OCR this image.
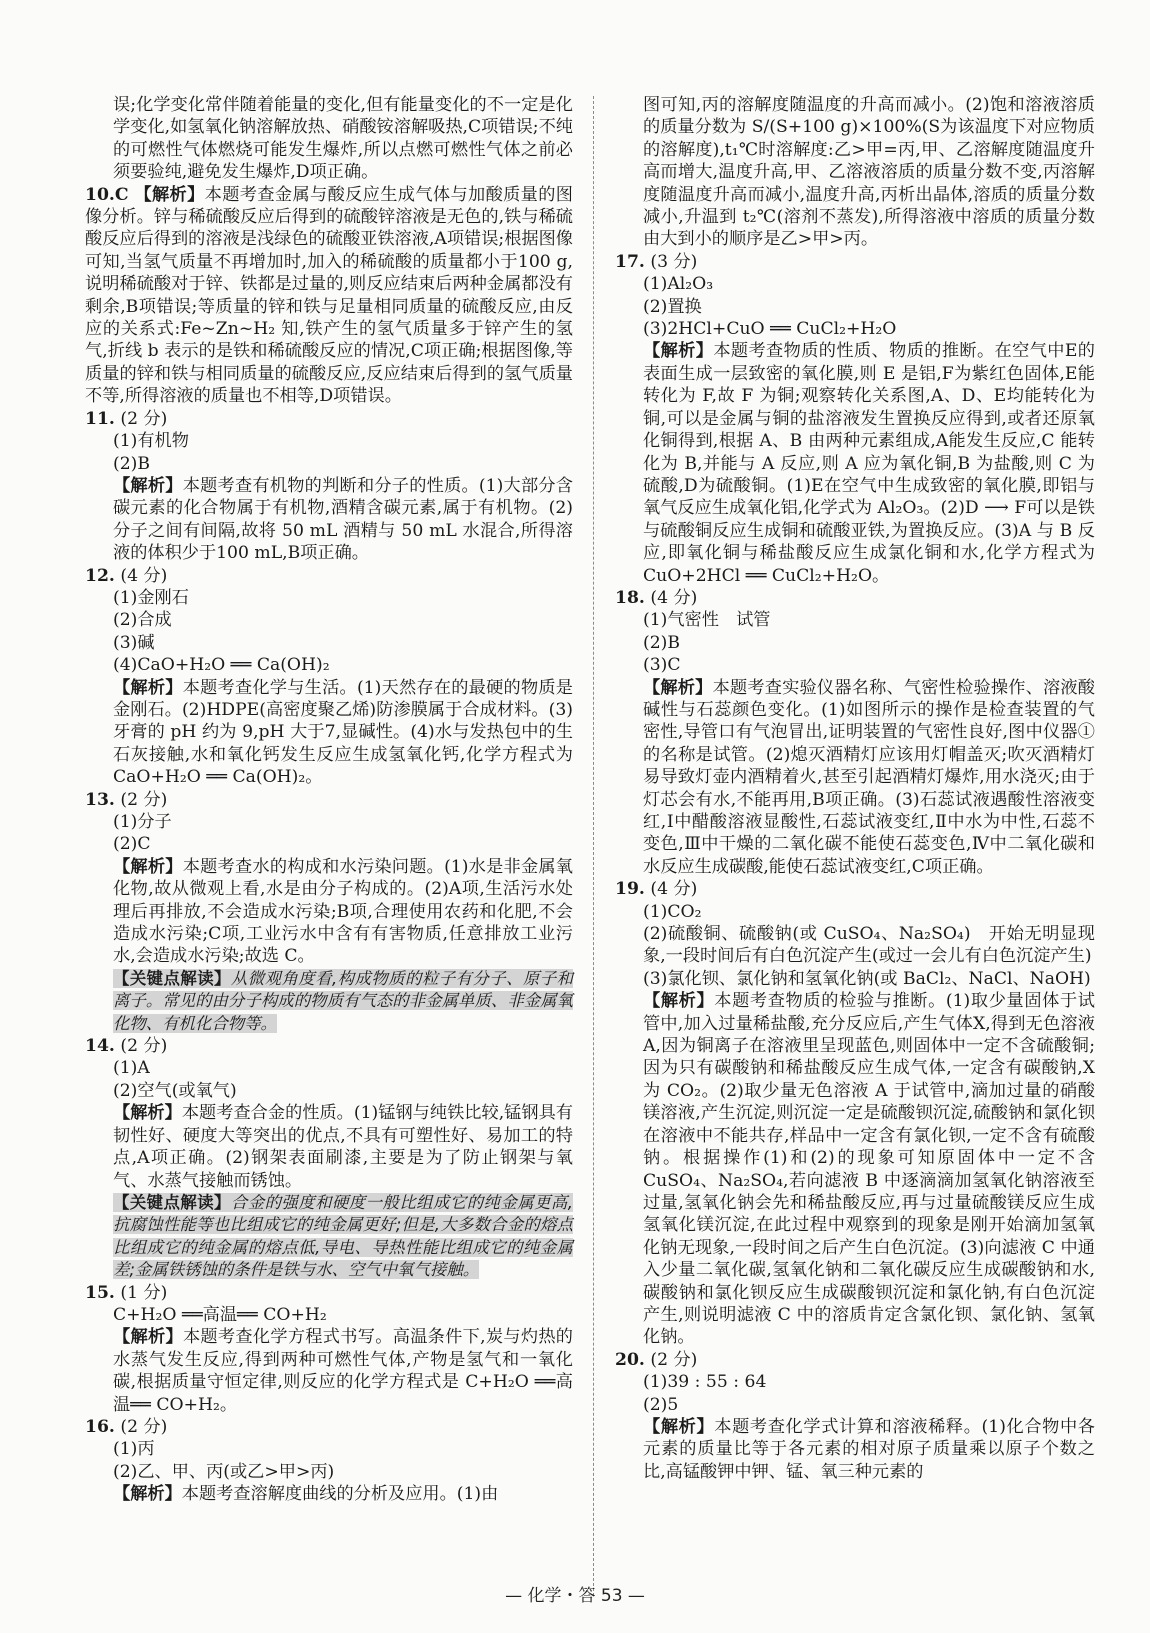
误;化学变化常伴随着能量的变化,但有能量变化的不一定是化学变化,如氢氧化钠溶解放热、硝酸铵溶解吸热,C项错误;不纯的可燃性气体燃烧可能发生爆炸,所以点燃可燃性气体之前必须要验纯,避免发生爆炸,D项正确。

10.C 【解析】本题考查金属与酸反应生成气体与加酸质量的图像分析。锌与稀硫酸反应后得到的硫酸锌溶液是无色的,铁与稀硫酸反应后得到的溶液是浅绿色的硫酸亚铁溶液,A项错误;根据图像可知,当氢气质量不再增加时,加入的稀硫酸的质量都小于100 g,说明稀硫酸对于锌、铁都是过量的,则反应结束后两种金属都没有剩余,B项错误;等质量的锌和铁与足量相同质量的硫酸反应,由反应的关系式:Fe~Zn~H₂ 知,铁产生的氢气质量多于锌产生的氢气,折线 b 表示的是铁和稀硫酸反应的情况,C项正确;根据图像,等质量的锌和铁与相同质量的硫酸反应,反应结束后得到的氢气质量不等,所得溶液的质量也不相等,D项错误。

11. (2 分)

(1)有机物

(2)B

【解析】本题考查有机物的判断和分子的性质。(1)大部分含碳元素的化合物属于有机物,酒精含碳元素,属于有机物。(2)分子之间有间隔,故将 50 mL 酒精与 50 mL 水混合,所得溶液的体积少于100 mL,B项正确。

12. (4 分)

(1)金刚石

(2)合成

(3)碱

(4)CaO+H₂O ══ Ca(OH)₂

【解析】本题考查化学与生活。(1)天然存在的最硬的物质是金刚石。(2)HDPE(高密度聚乙烯)防渗膜属于合成材料。(3)牙膏的 pH 约为 9,pH 大于7,显碱性。(4)水与发热包中的生石灰接触,水和氧化钙发生反应生成氢氧化钙,化学方程式为 CaO+H₂O ══ Ca(OH)₂。

13. (2 分)

(1)分子

(2)C

【解析】本题考查水的构成和水污染问题。(1)水是非金属氧化物,故从微观上看,水是由分子构成的。(2)A项,生活污水处理后再排放,不会造成水污染;B项,合理使用农药和化肥,不会造成水污染;C项,工业污水中含有有害物质,任意排放工业污水,会造成水污染;故选 C。

【关键点解读】从微观角度看,构成物质的粒子有分子、原子和离子。常见的由分子构成的物质有气态的非金属单质、非金属氧化物、有机化合物等。

14. (2 分)

(1)A

(2)空气(或氧气)

【解析】本题考查合金的性质。(1)锰钢与纯铁比较,锰钢具有韧性好、硬度大等突出的优点,不具有可塑性好、易加工的特点,A项正确。(2)钢架表面刷漆,主要是为了防止钢架与氧气、水蒸气接触而锈蚀。

【关键点解读】合金的强度和硬度一般比组成它的纯金属更高,抗腐蚀性能等也比组成它的纯金属更好;但是,大多数合金的熔点比组成它的纯金属的熔点低,导电、导热性能比组成它的纯金属差;金属铁锈蚀的条件是铁与水、空气中氧气接触。

15. (1 分)

C+H₂O ══高温══ CO+H₂

【解析】本题考查化学方程式书写。高温条件下,炭与灼热的水蒸气发生反应,得到两种可燃性气体,产物是氢气和一氧化碳,根据质量守恒定律,则反应的化学方程式是 C+H₂O ══高温══ CO+H₂。

16. (2 分)

(1)丙

(2)乙、甲、丙(或乙>甲>丙)

【解析】本题考查溶解度曲线的分析及应用。(1)由

图可知,丙的溶解度随温度的升高而减小。(2)饱和溶液溶质的质量分数为 S/(S+100 g)×100%(S为该温度下对应物质的溶解度),t₁℃时溶解度:乙>甲=丙,甲、乙溶解度随温度升高而增大,温度升高,甲、乙溶液溶质的质量分数不变,丙溶解度随温度升高而减小,温度升高,丙析出晶体,溶质的质量分数减小,升温到 t₂℃(溶剂不蒸发),所得溶液中溶质的质量分数由大到小的顺序是乙>甲>丙。

17. (3 分)

(1)Al₂O₃

(2)置换

(3)2HCl+CuO ══ CuCl₂+H₂O

【解析】本题考查物质的性质、物质的推断。在空气中E的表面生成一层致密的氧化膜,则 E 是铝,F为紫红色固体,E能转化为 F,故 F 为铜;观察转化关系图,A、D、E均能转化为铜,可以是金属与铜的盐溶液发生置换反应得到,或者还原氧化铜得到,根据 A、B 由两种元素组成,A能发生反应,C 能转化为 B,并能与 A 反应,则 A 应为氧化铜,B 为盐酸,则 C 为硫酸,D为硫酸铜。(1)E在空气中生成致密的氧化膜,即铝与氧气反应生成氧化铝,化学式为 Al₂O₃。(2)D ⟶ F可以是铁与硫酸铜反应生成铜和硫酸亚铁,为置换反应。(3)A 与 B 反应,即氧化铜与稀盐酸反应生成氯化铜和水,化学方程式为 CuO+2HCl ══ CuCl₂+H₂O。

18. (4 分)

(1)气密性　试管

(2)B

(3)C

【解析】本题考查实验仪器名称、气密性检验操作、溶液酸碱性与石蕊颜色变化。(1)如图所示的操作是检查装置的气密性,导管口有气泡冒出,证明装置的气密性良好,图中仪器①的名称是试管。(2)熄灭酒精灯应该用灯帽盖灭;吹灭酒精灯易导致灯壶内酒精着火,甚至引起酒精灯爆炸,用水浇灭;由于灯芯会有水,不能再用,B项正确。(3)石蕊试液遇酸性溶液变红,Ⅰ中醋酸溶液显酸性,石蕊试液变红,Ⅱ中水为中性,石蕊不变色,Ⅲ中干燥的二氧化碳不能使石蕊变色,Ⅳ中二氧化碳和水反应生成碳酸,能使石蕊试液变红,C项正确。

19. (4 分)

(1)CO₂

(2)硫酸铜、硫酸钠(或 CuSO₄、Na₂SO₄)　开始无明显现象,一段时间后有白色沉淀产生(或过一会儿有白色沉淀产生)

(3)氯化钡、氯化钠和氢氧化钠(或 BaCl₂、NaCl、NaOH)

【解析】本题考查物质的检验与推断。(1)取少量固体于试管中,加入过量稀盐酸,充分反应后,产生气体X,得到无色溶液A,因为铜离子在溶液里呈现蓝色,则固体中一定不含硫酸铜;因为只有碳酸钠和稀盐酸反应生成气体,一定含有碳酸钠,X为 CO₂。(2)取少量无色溶液 A 于试管中,滴加过量的硝酸镁溶液,产生沉淀,则沉淀一定是硫酸钡沉淀,硫酸钠和氯化钡在溶液中不能共存,样品中一定含有氯化钡,一定不含有硫酸钠。根据操作(1)和(2)的现象可知原固体中一定不含 CuSO₄、Na₂SO₄,若向滤液 B 中逐滴滴加氢氧化钠溶液至过量,氢氧化钠会先和稀盐酸反应,再与过量硫酸镁反应生成氢氧化镁沉淀,在此过程中观察到的现象是刚开始滴加氢氧化钠无现象,一段时间之后产生白色沉淀。(3)向滤液 C 中通入少量二氧化碳,氢氧化钠和二氧化碳反应生成碳酸钠和水,碳酸钠和氯化钡反应生成碳酸钡沉淀和氯化钠,有白色沉淀产生,则说明滤液 C 中的溶质肯定含氯化钡、氯化钠、氢氧化钠。

20. (2 分)

(1)39 : 55 : 64

(2)5

【解析】本题考查化学式计算和溶液稀释。(1)化合物中各元素的质量比等于各元素的相对原子质量乘以原子个数之比,高锰酸钾中钾、锰、氧三种元素的

— 化学・答 53 —
